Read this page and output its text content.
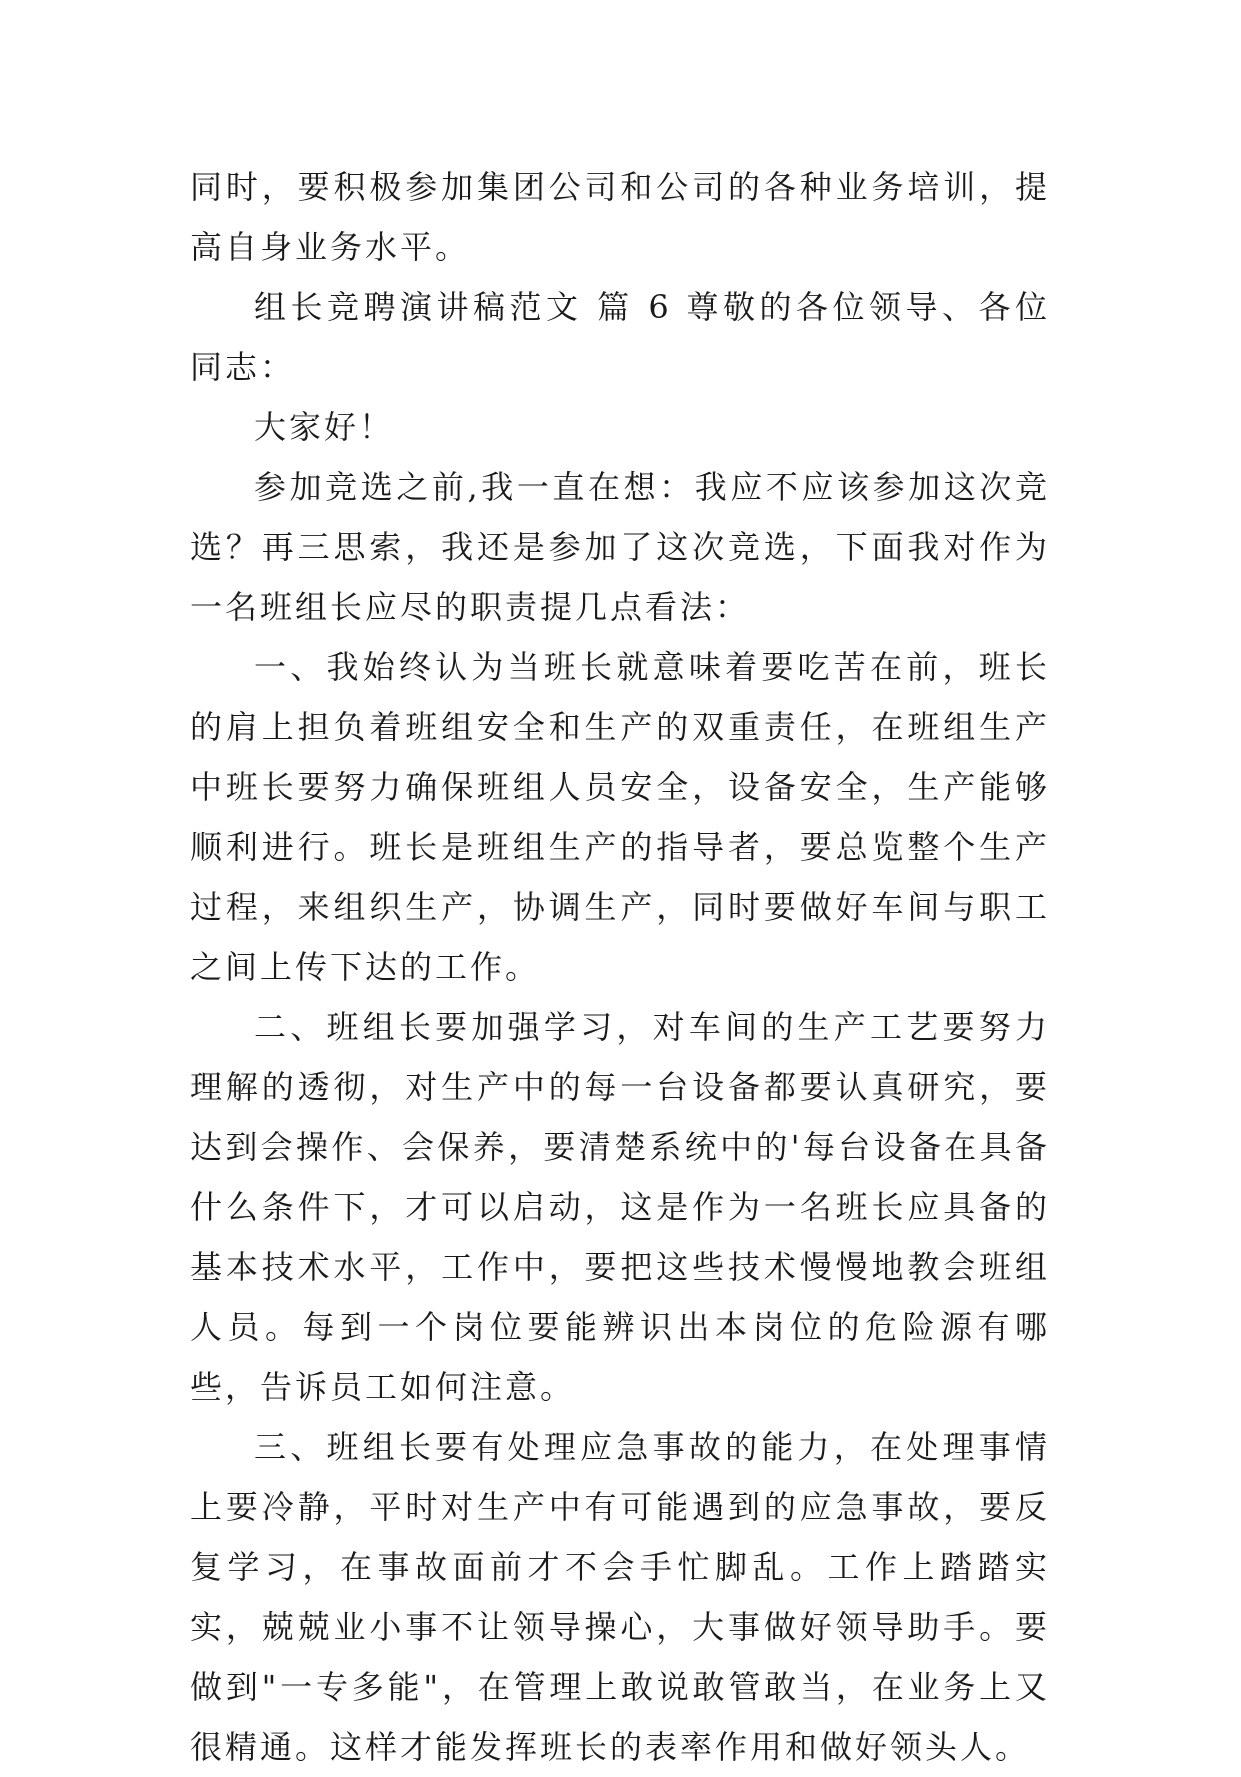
同时，要积极参加集团公司和公司的各种业务培训，提高自身业务水平。

组长竞聘演讲稿范文 篇 6 尊敬的各位领导、各位同志：

大家好！

参加竞选之前,我一直在想：我应不应该参加这次竞选？再三思索，我还是参加了这次竞选，下面我对作为一名班组长应尽的职责提几点看法：

一、我始终认为当班长就意味着要吃苦在前，班长的肩上担负着班组安全和生产的双重责任，在班组生产中班长要努力确保班组人员安全，设备安全，生产能够顺利进行。班长是班组生产的指导者，要总览整个生产过程，来组织生产，协调生产，同时要做好车间与职工之间上传下达的工作。

二、班组长要加强学习，对车间的生产工艺要努力理解的透彻，对生产中的每一台设备都要认真研究，要达到会操作、会保养，要清楚系统中的'每台设备在具备什么条件下，才可以启动，这是作为一名班长应具备的基本技术水平，工作中，要把这些技术慢慢地教会班组人员。每到一个岗位要能辨识出本岗位的危险源有哪些，告诉员工如何注意。

三、班组长要有处理应急事故的能力，在处理事情上要冷静，平时对生产中有可能遇到的应急事故，要反复学习，在事故面前才不会手忙脚乱。工作上踏踏实实，兢兢业小事不让领导操心，大事做好领导助手。要做到"一专多能"，在管理上敢说敢管敢当，在业务上又很精通。这样才能发挥班长的表率作用和做好领头人。
